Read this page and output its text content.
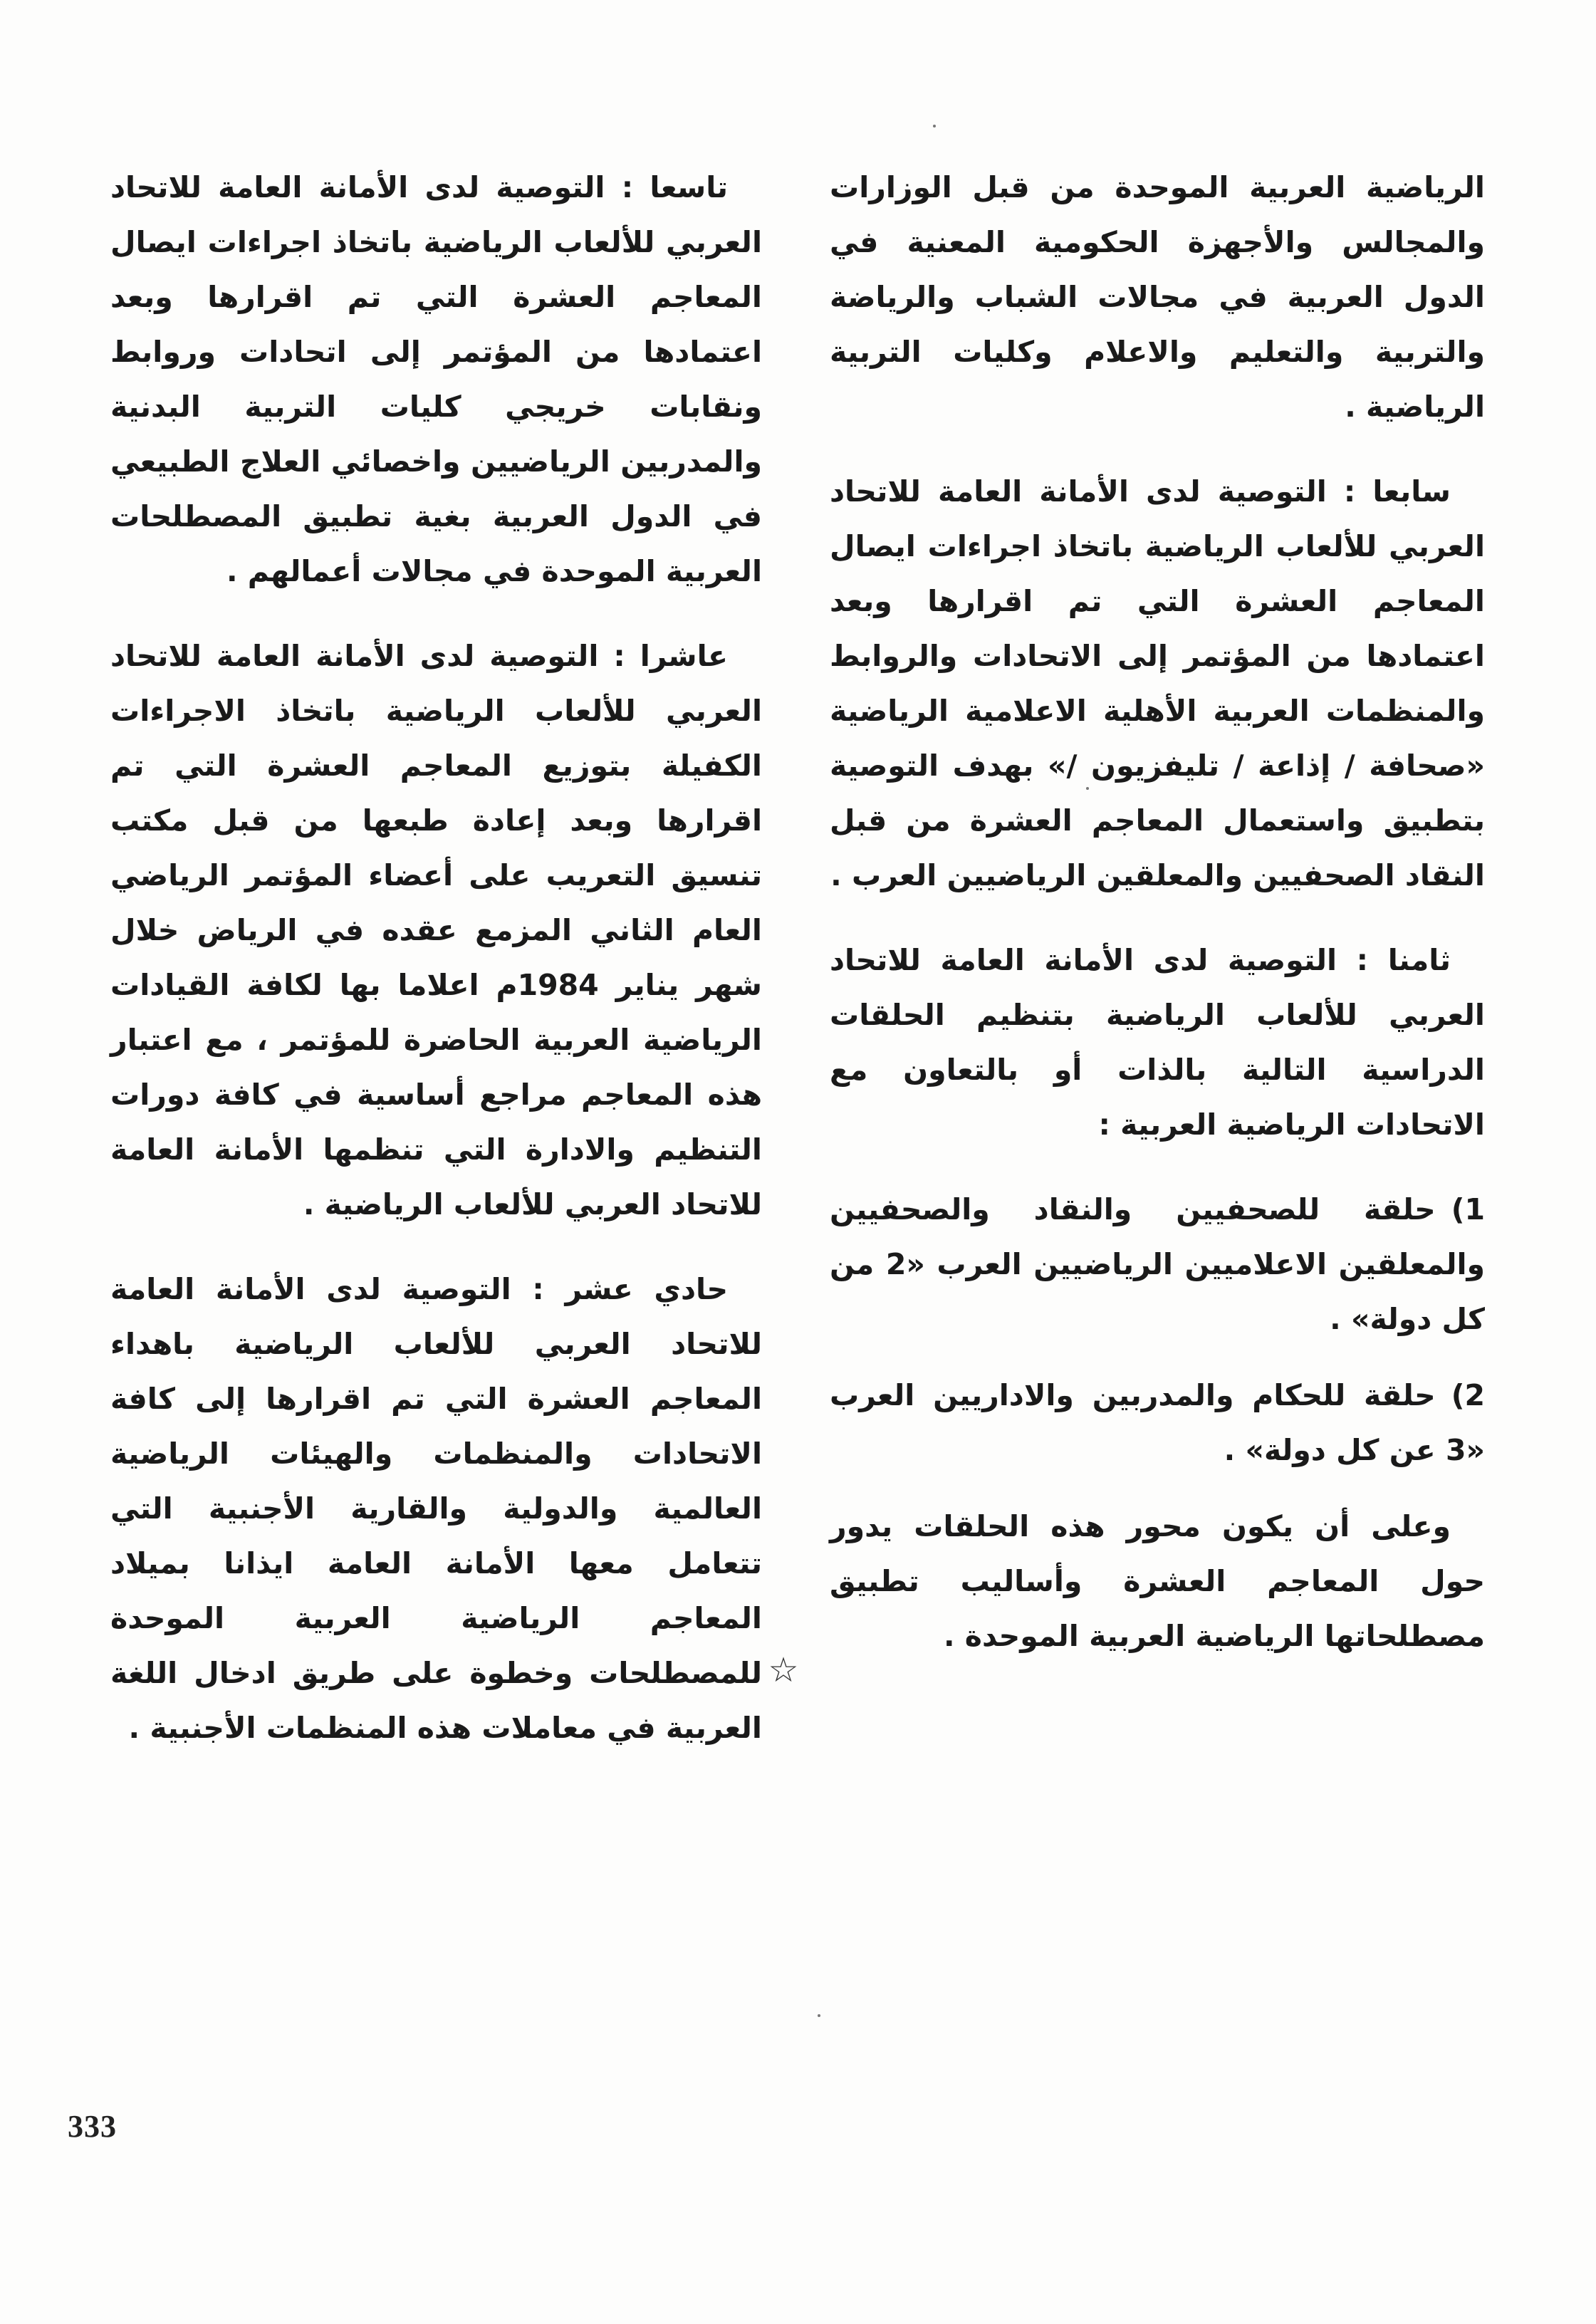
الرياضية العربية الموحدة من قبل الوزارات والمجالس والأجهزة الحكومية المعنية في الدول العربية في مجالات الشباب والرياضة والتربية والتعليم والاعلام وكليات التربية الرياضية .

سابعا : التوصية لدى الأمانة العامة للاتحاد العربي للألعاب الرياضية باتخاذ اجراءات ايصال المعاجم العشرة التي تم اقرارها وبعد اعتمادها من المؤتمر إلى الاتحادات والروابط والمنظمات العربية الأهلية الاعلامية الرياضية «صحافة / إذاعة / تليفزيون /» بهدف التوصية بتطبيق واستعمال المعاجم العشرة من قبل النقاد الصحفيين والمعلقين الرياضيين العرب .

ثامنا : التوصية لدى الأمانة العامة للاتحاد العربي للألعاب الرياضية بتنظيم الحلقات الدراسية التالية بالذات أو بالتعاون مع الاتحادات الرياضية العربية :

1)حلقة للصحفيين والنقاد والصحفيين والمعلقين الاعلاميين الرياضيين العرب «2 من كل دولة» .

2)حلقة للحكام والمدربين والاداريين العرب «3 عن كل دولة» .

وعلى أن يكون محور هذه الحلقات يدور حول المعاجم العشرة وأساليب تطبيق مصطلحاتها الرياضية العربية الموحدة .

تاسعا : التوصية لدى الأمانة العامة للاتحاد العربي للألعاب الرياضية باتخاذ اجراءات ايصال المعاجم العشرة التي تم اقرارها وبعد اعتمادها من المؤتمر إلى اتحادات وروابط ونقابات خريجي كليات التربية البدنية والمدربين الرياضيين واخصائي العلاج الطبيعي في الدول العربية بغية تطبيق المصطلحات العربية الموحدة في مجالات أعمالهم .

عاشرا : التوصية لدى الأمانة العامة للاتحاد العربي للألعاب الرياضية باتخاذ الاجراءات الكفيلة بتوزيع المعاجم العشرة التي تم اقرارها وبعد إعادة طبعها من قبل مكتب تنسيق التعريب على أعضاء المؤتمر الرياضي العام الثاني المزمع عقده في الرياض خلال شهر يناير 1984م اعلاما بها لكافة القيادات الرياضية العربية الحاضرة للمؤتمر ، مع اعتبار هذه المعاجم مراجع أساسية في كافة دورات التنظيم والادارة التي تنظمها الأمانة العامة للاتحاد العربي للألعاب الرياضية .

حادي عشر : التوصية لدى الأمانة العامة للاتحاد العربي للألعاب الرياضية باهداء المعاجم العشرة التي تم اقرارها إلى كافة الاتحادات والمنظمات والهيئات الرياضية العالمية والدولية والقارية الأجنبية التي تتعامل معها الأمانة العامة ايذانا بميلاد المعاجم الرياضية العربية الموحدة للمصطلحات وخطوة على طريق ادخال اللغة العربية في معاملات هذه المنظمات الأجنبية .

☆
333
